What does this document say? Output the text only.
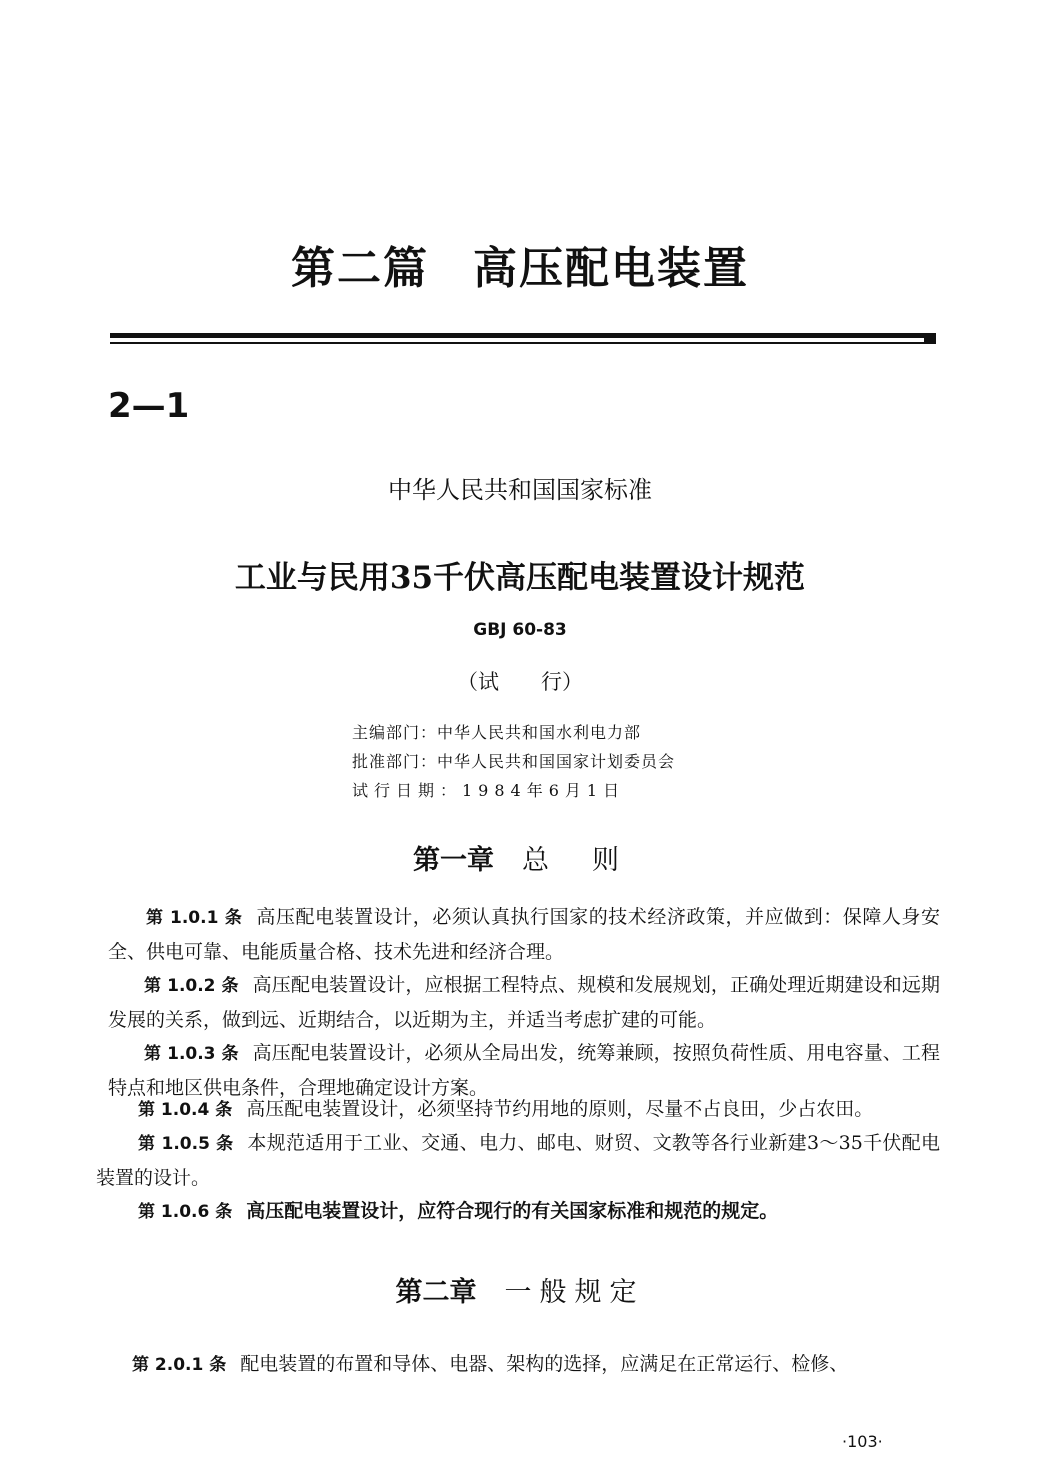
第二篇 高压配电装置
2—1
中华人民共和国国家标准
工业与民用35千伏高压配电装置设计规范
GBJ 60-83
（试　　行）
主编部门：中华人民共和国水利电力部
批准部门：中华人民共和国国家计划委员会
试行日期：1984年6月1日
第一章 总　则
第 1.0.1 条 高压配电装置设计，必须认真执行国家的技术经济政策，并应做到：保障人身安全、供电可靠、电能质量合格、技术先进和经济合理。
第 1.0.2 条 高压配电装置设计，应根据工程特点、规模和发展规划，正确处理近期建设和远期发展的关系，做到远、近期结合，以近期为主，并适当考虑扩建的可能。
第 1.0.3 条 高压配电装置设计，必须从全局出发，统筹兼顾，按照负荷性质、用电容量、工程特点和地区供电条件，合理地确定设计方案。
第 1.0.4 条 高压配电装置设计，必须坚持节约用地的原则，尽量不占良田，少占农田。
第 1.0.5 条 本规范适用于工业、交通、电力、邮电、财贸、文教等各行业新建3～35千伏配电装置的设计。
第 1.0.6 条 高压配电装置设计，应符合现行的有关国家标准和规范的规定。
第二章 一般规定
第 2.0.1 条 配电装置的布置和导体、电器、架构的选择，应满足在正常运行、检修、
·103·
